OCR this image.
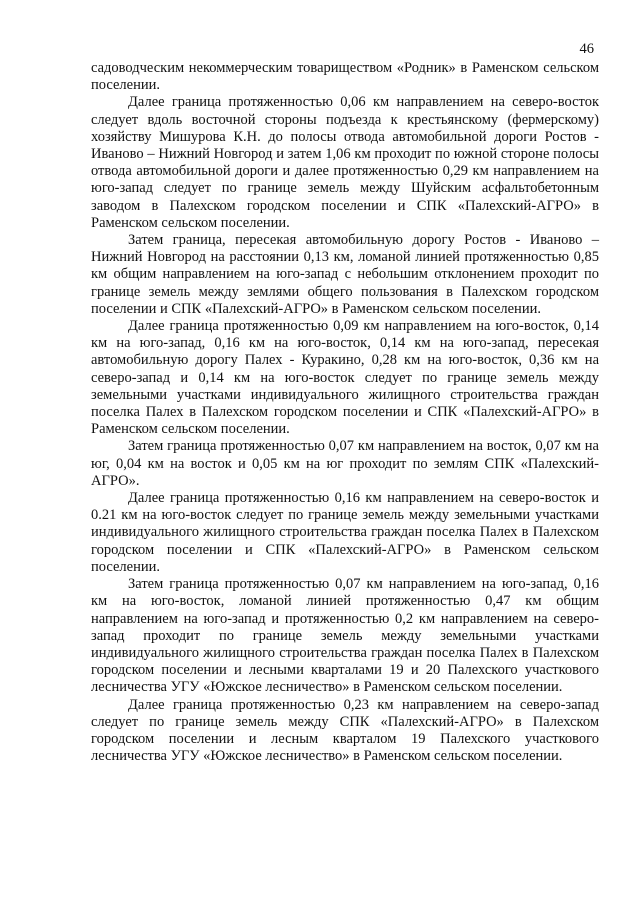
46

садоводческим некоммерческим товариществом «Родник» в Раменском сельском поселении.

Далее граница протяженностью 0,06 км направлением на северо-восток следует вдоль восточной стороны подъезда к крестьянскому (фермерскому) хозяйству Мишурова К.Н. до полосы отвода автомобильной дороги Ростов - Иваново – Нижний Новгород и затем 1,06 км проходит по южной стороне полосы отвода автомобильной дороги и далее протяженностью 0,29 км направлением на юго-запад следует по границе земель между Шуйским асфальтобетонным заводом в Палехском городском поселении и СПК «Палехский-АГРО» в Раменском сельском поселении.

Затем граница, пересекая автомобильную дорогу Ростов - Иваново – Нижний Новгород на расстоянии 0,13 км, ломаной линией протяженностью 0,85 км общим направлением на юго-запад с небольшим отклонением проходит по границе земель между землями общего пользования в Палехском городском поселении и СПК «Палехский-АГРО» в Раменском сельском поселении.

Далее граница протяженностью 0,09 км направлением на юго-восток, 0,14 км на юго-запад, 0,16 км на юго-восток, 0,14 км на юго-запад, пересекая автомобильную дорогу Палех - Куракино, 0,28 км на юго-восток, 0,36 км на северо-запад и 0,14 км на юго-восток следует по границе земель между земельными участками индивидуального жилищного строительства граждан поселка Палех в Палехском городском поселении и СПК «Палехский-АГРО» в Раменском сельском поселении.

Затем граница протяженностью 0,07 км направлением на восток, 0,07 км на юг, 0,04 км на восток и 0,05 км на юг проходит по землям СПК «Палехский-АГРО».

Далее граница протяженностью 0,16 км направлением на северо-восток и 0.21 км на юго-восток следует по границе земель между земельными участками индивидуального жилищного строительства граждан поселка Палех в Палехском городском поселении и СПК «Палехский-АГРО» в Раменском сельском поселении.

Затем граница протяженностью 0,07 км направлением на юго-запад, 0,16 км на юго-восток, ломаной линией протяженностью 0,47 км общим направлением на юго-запад и протяженностью 0,2 км направлением на северо-запад проходит по границе земель между земельными участками индивидуального жилищного строительства граждан поселка Палех в Палехском городском поселении и лесными кварталами 19 и 20 Палехского участкового лесничества УГУ «Южское лесничество» в Раменском сельском поселении.

Далее граница протяженностью 0,23 км направлением на северо-запад следует по границе земель между СПК «Палехский-АГРО» в Палехском городском поселении и лесным кварталом 19 Палехского участкового лесничества УГУ «Южское лесничество» в Раменском сельском поселении.
